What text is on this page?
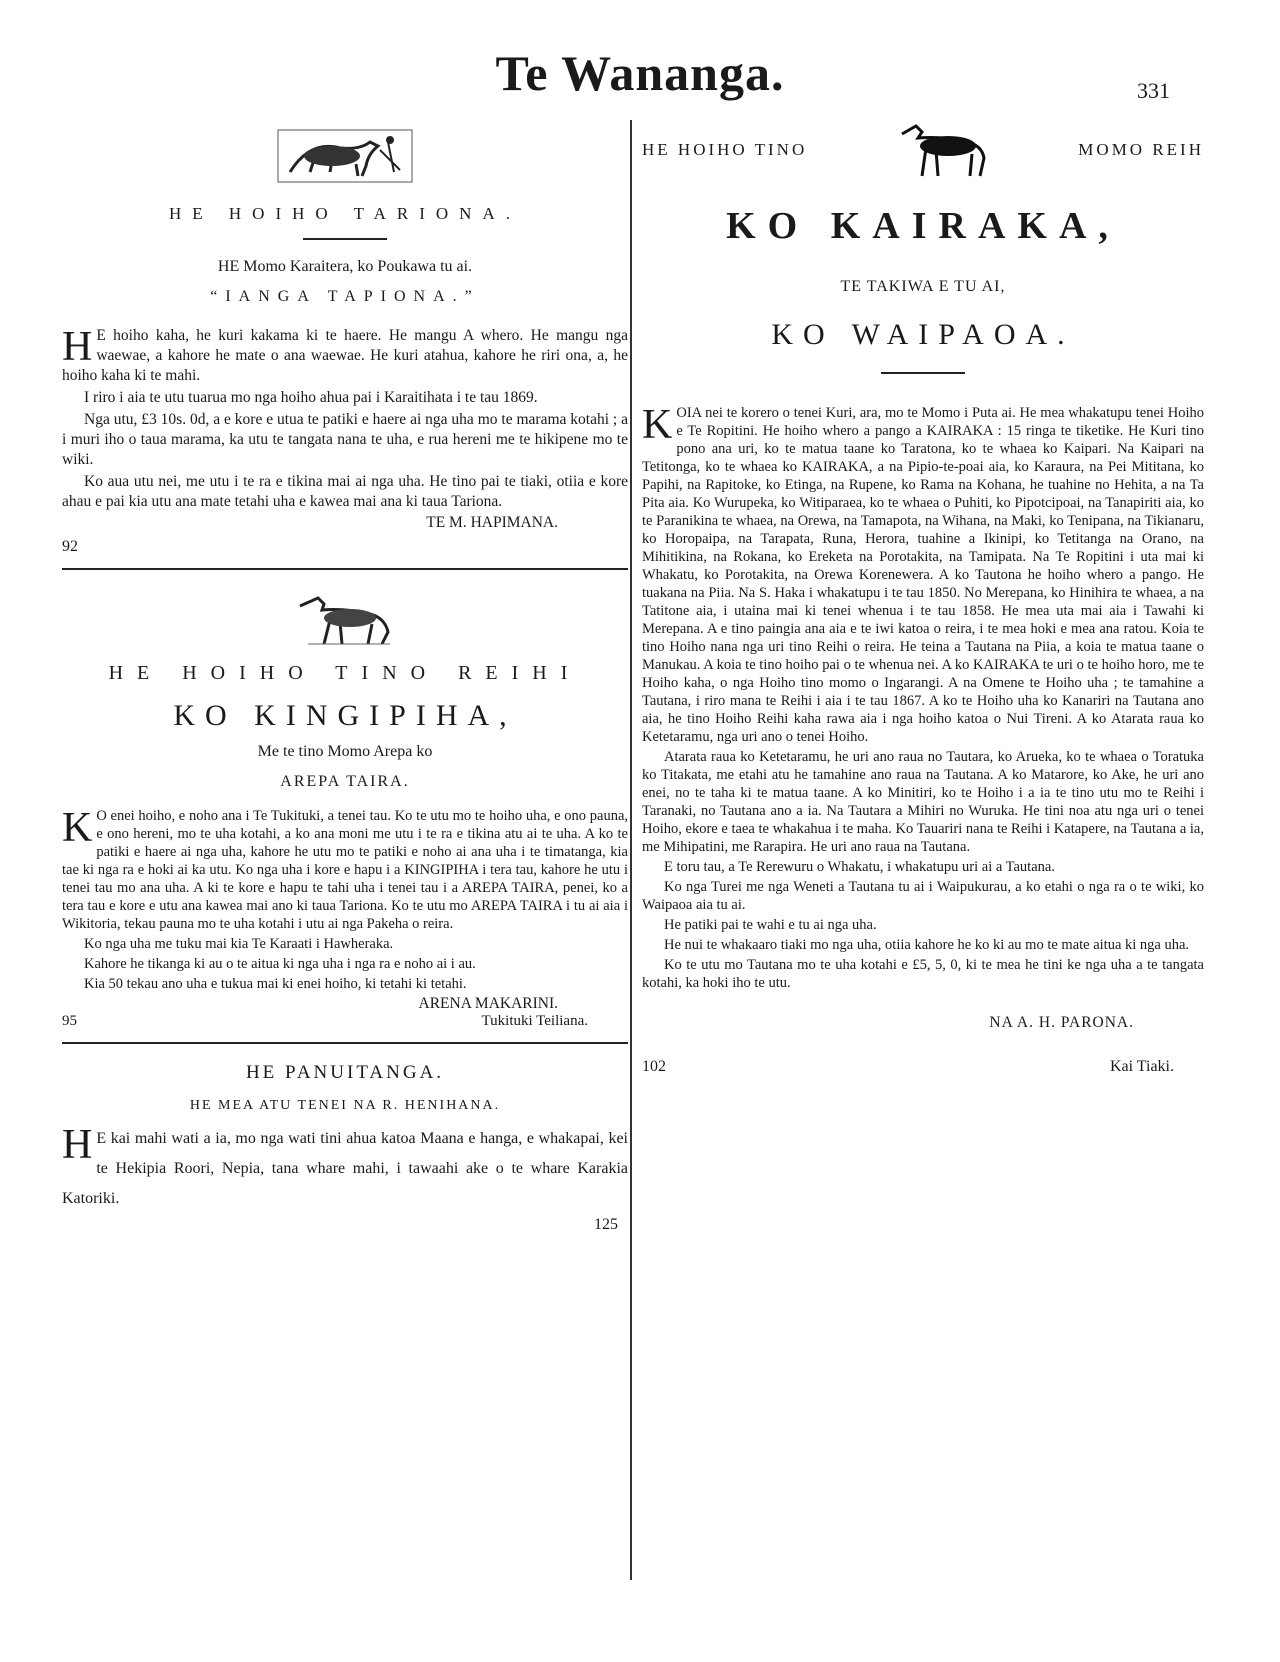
Te Wananga.	331
HE HOIHO TARIONA.
HE Momo Karaitera, ko Poukawa tu ai.
“IANGA TAPIONA.”

HE hoiho kaha, he kuri kakama ki te haere. He mangu A whero. He mangu nga waewae, a kahore he mate o ana waewae. He kuri atahua, kahore he riri ona, a, he hoiho kaha ki te mahi.

I riro i aia te utu tuarua mo nga hoiho ahua pai i Karaitihata i te tau 1869.

Nga utu, £3 10s. 0d, a e kore e utua te patiki e haere ai nga uha mo te marama kotahi ; a i muri iho o taua marama, ka utu te tangata nana te uha, e rua hereni me te hikipene mo te wiki.

Ko aua utu nei, me utu i te ra e tikina mai ai nga uha. He tino pai te tiaki, otiia e kore ahau e pai kia utu ana mate tetahi uha e kawea mai ana ki taua Tariona.

TE M. HAPIMANA.
92
HE HOIHO TINO REIHI
KO KINGIPIHA,
Me te tino Momo Arepa ko
AREPA TAIRA.

KO enei hoiho, e noho ana i Te Tukituki, a tenei tau. Ko te utu mo te hoiho uha, e ono pauna, e ono hereni, mo te uha kotahi, a ko ana moni me utu i te ra e tikina atu ai te uha. A ko te patiki e haere ai nga uha, kahore he utu mo te patiki e noho ai ana uha i te timatanga, kia tae ki nga ra e hoki ai ka utu. Ko nga uha i kore e hapu i a KINGIPIHA i tera tau, kahore he utu i tenei tau mo ana uha. A ki te kore e hapu te tahi uha i tenei tau i a AREPA TAIRA, penei, ko a tera tau e kore e utu ana kawea mai ano ki taua Tariona. Ko te utu mo AREPA TAIRA i tu ai aia i Wikitoria, tekau pauna mo te uha kotahi i utu ai nga Pakeha o reira.

Ko nga uha me tuku mai kia Te Karaati i Hawheraka.

Kahore he tikanga ki au o te aitua ki nga uha i nga ra e noho ai i au.

Kia 50 tekau ano uha e tukua mai ki enei hoiho, ki tetahi ki tetahi.

ARENA MAKARINI.
95	Tukituki Teiliana.
HE PANUITANGA.
HE MEA ATU TENEI NA R. HENIHANA.

HE kai mahi wati a ia, mo nga wati tini ahua katoa Maana e hanga, e whakapai, kei te Hekipia Roori, Nepia, tana whare mahi, i tawaahi ake o te whare Karakia Katoriki.

125
HE HOIHO TINO	MOMO REIH
KO KAIRAKA,
TE TAKIWA E TU AI,
KO WAIPAOA.

KOIA nei te korero o tenei Kuri, ara, mo te Momo i Puta ai. He mea whakatupu tenei Hoiho e Te Ropitini. He hoiho whero a pango a KAIRAKA : 15 ringa te tiketike. He Kuri tino pono ana uri, ko te matua taane ko Taratona, ko te whaea ko Kaipari. Na Kaipari na Tetitonga, ko te whaea ko KAIRAKA, a na Pipio-te-poai aia, ko Karaura, na Pei Mititana, ko Papihi, na Rapitoke, ko Etinga, na Rupene, ko Rama na Kohana, he tuahine no Hehita, a na Ta Pita aia. Ko Wurupeka, ko Witiparaea, ko te whaea o Puhiti, ko Pipotcipoai, na Tanapiriti aia, ko te Paranikina te whaea, na Orewa, na Tamapota, na Wihana, na Maki, ko Tenipana, na Tikianaru, ko Horopaipa, na Tarapata, Runa, Herora, tuahine a Ikinipi, ko Tetitanga na Orano, na Mihitikina, na Rokana, ko Ereketa na Porotakita, na Tamipata. Na Te Ropitini i uta mai ki Whakatu, ko Porotakita, na Orewa Korenewera. A ko Tautona he hoiho whero a pango. He tuakana na Piia. Na S. Haka i whakatupu i te tau 1850. No Merepana, ko Hinihira te whaea, a na Tatitone aia, i utaina mai ki tenei whenua i te tau 1858. He mea uta mai aia i Tawahi ki Merepana. A e tino paingia ana aia e te iwi katoa o reira, i te mea hoki e mea ana ratou. Koia te tino Hoiho nana nga uri tino Reihi o reira. He teina a Tautana na Piia, a koia te matua taane o Manukau. A koia te tino hoiho pai o te whenua nei. A ko KAIRAKA te uri o te hoiho horo, me te Hoiho kaha, o nga Hoiho tino momo o Ingarangi. A na Omene te Hoiho uha ; te tamahine a Tautana, i riro mana te Reihi i aia i te tau 1867. A ko te Hoiho uha ko Kanariri na Tautana ano aia, he tino Hoiho Reihi kaha rawa aia i nga hoiho katoa o Nui Tireni. A ko Atarata raua ko Ketetaramu, nga uri ano o tenei Hoiho.

Atarata raua ko Ketetaramu, he uri ano raua no Tautara, ko Arueka, ko te whaea o Toratuka ko Titakata, me etahi atu he tamahine ano raua na Tautana. A ko Matarore, ko Ake, he uri ano enei, no te taha ki te matua taane. A ko Minitiri, ko te Hoiho i a ia te tino utu mo te Reihi i Taranaki, no Tautana ano a ia. Na Tautara a Mihiri no Wuruka. He tini noa atu nga uri o tenei Hoiho, ekore e taea te whakahua i te maha. Ko Tauariri nana te Reihi i Katapere, na Tautana a ia, me Mihipatini, me Rarapira. He uri ano raua na Tautana.

E toru tau, a Te Rerewuru o Whakatu, i whakatupu uri ai a Tautana.

Ko nga Turei me nga Weneti a Tautana tu ai i Waipukurau, a ko etahi o nga ra o te wiki, ko Waipaoa aia tu ai.

He patiki pai te wahi e tu ai nga uha.

He nui te whakaaro tiaki mo nga uha, otiia kahore he ko ki au mo te mate aitua ki nga uha.

Ko te utu mo Tautana mo te uha kotahi e £5, 5, 0, ki te mea he tini ke nga uha a te tangata kotahi, ka hoki iho te utu.

NA A. H. PARONA.
102	Kai Tiaki.
